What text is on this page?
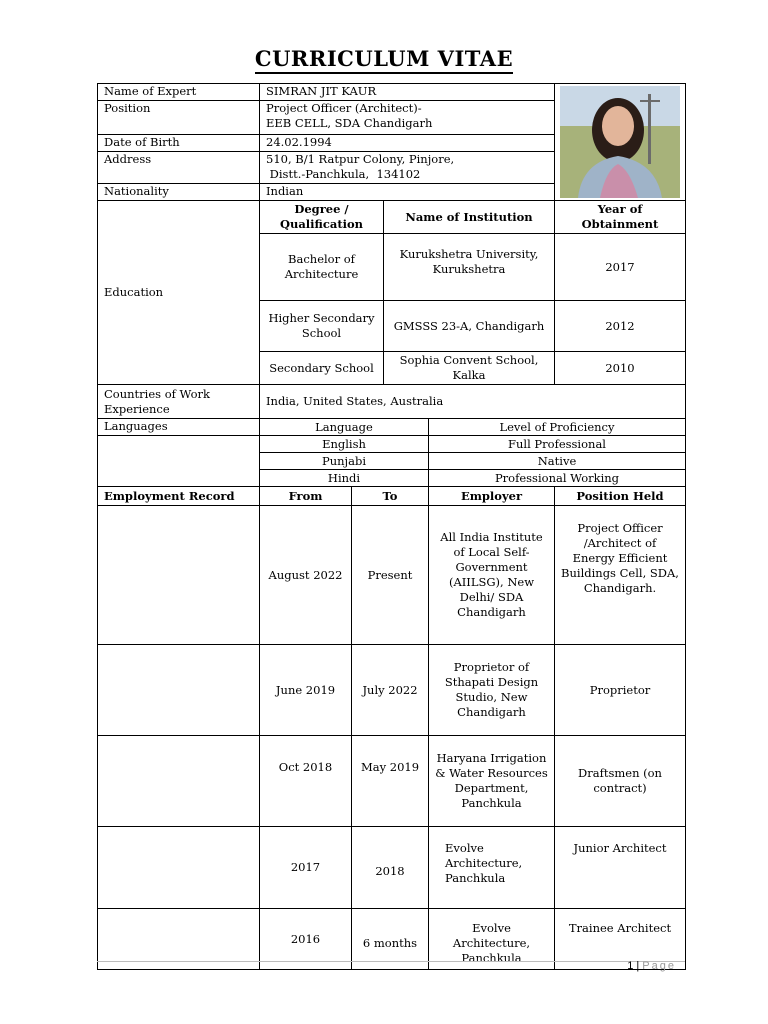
CURRICULUM VITAE
Name of Expert	SIMRAN JIT KAUR	

Position	Project Officer (Architect)-
EEB CELL, SDA Chandigarh				

Date of Birth	24.02.1994				
Address	510, B/1 Ratpur Colony, Pinjore,
Distt.-Panchkula,  134102				

Nationality	Indian				
Education	Degree / Qualification		Name of Institution		Year of Obtainment
	Bachelor of Architecture		Kurukshetra University, Kurukshetra		2017
	Higher Secondary School		GMSSS 23-A, Chandigarh		2012
	Secondary School		Sophia Convent School, Kalka		2010
Countries of Work Experience	India, United States, Australia				
Languages	Language			Level of Proficiency	
	English			Full Professional	
	Punjabi			Native	
	Hindi			Professional Working	
Employment Record	From	To		Employer	Position Held
	August 2022	Present		All India Institute of Local Self-Government (AIILSG), New Delhi/ SDA Chandigarh	Project Officer /Architect of Energy Efficient Buildings Cell, SDA, Chandigarh.
	June 2019	July 2022		Proprietor of Sthapati Design Studio, New Chandigarh	Proprietor
	Oct 2018	May 2019		Haryana Irrigation & Water Resources Department, Panchkula	Draftsmen (on contract)
	2017	2018		Evolve Architecture, Panchkula	Junior Architect
	2016	6 months		Evolve Architecture, Panchkula	Trainee Architect
1 | Page
